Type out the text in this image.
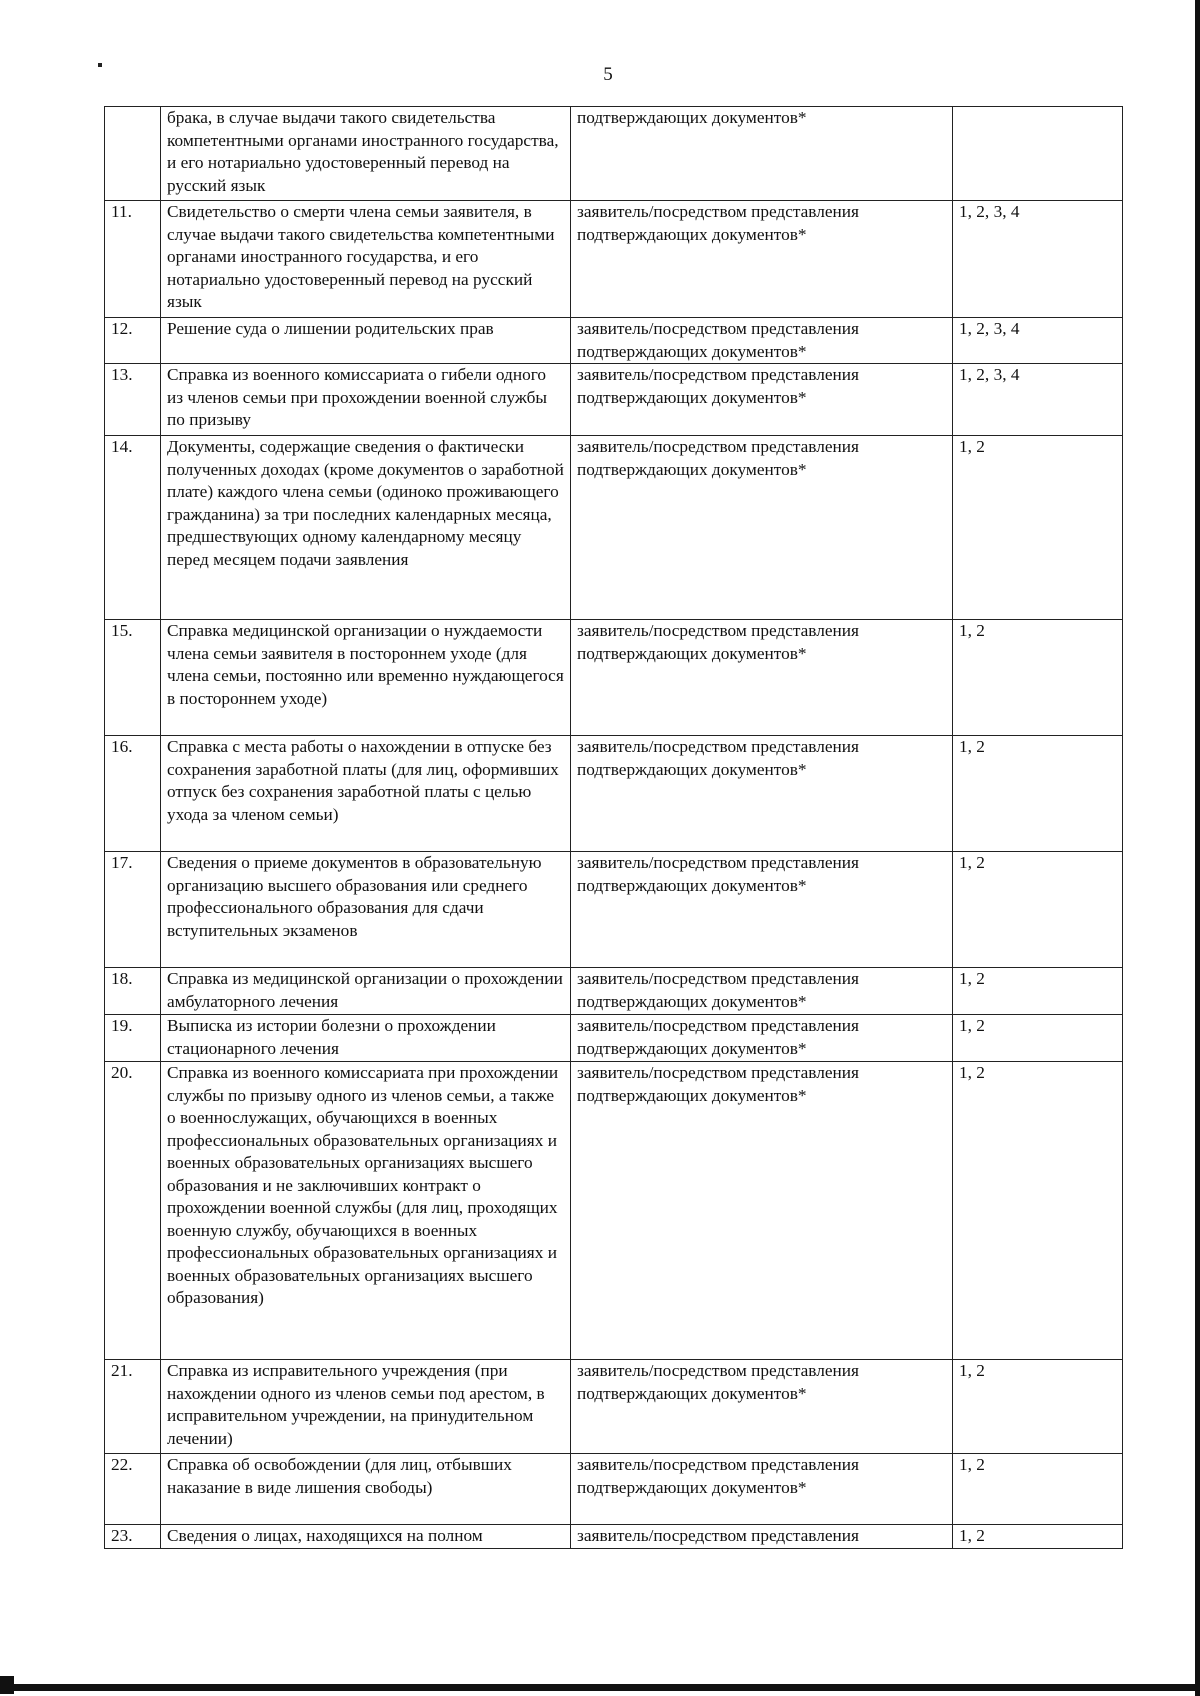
5
	брака, в случае выдачи такого свидетельства компетентными органами иностранного государства, и его нотариально удостоверенный перевод на русский язык	подтверждающих документов*	
11.	Свидетельство о смерти члена семьи заявителя, в случае выдачи такого свидетельства компетентными органами иностранного государства, и его нотариально удостоверенный перевод на русский язык	заявитель/посредством представления подтверждающих документов*	1, 2, 3, 4
12.	Решение суда о лишении родительских прав	заявитель/посредством представления подтверждающих документов*	1, 2, 3, 4
13.	Справка из военного комиссариата о гибели одного из членов семьи при прохождении военной службы по призыву	заявитель/посредством представления подтверждающих документов*	1, 2, 3, 4
14.	Документы, содержащие сведения о фактически полученных доходах (кроме документов о заработной плате) каждого члена семьи (одиноко проживающего гражданина) за три последних календарных месяца, предшествующих одному календарному месяцу перед месяцем подачи заявления	заявитель/посредством представления подтверждающих документов*	1, 2
15.	Справка медицинской организации о нуждаемости члена семьи заявителя в постороннем уходе (для члена семьи, постоянно или временно нуждающегося в постороннем уходе)	заявитель/посредством представления подтверждающих документов*	1, 2
16.	Справка с места работы о нахождении в отпуске без сохранения заработной платы (для лиц, оформивших отпуск без сохранения заработной платы с целью ухода за членом семьи)	заявитель/посредством представления подтверждающих документов*	1, 2
17.	Сведения о приеме документов в образовательную организацию высшего образования или среднего профессионального образования для сдачи вступительных экзаменов	заявитель/посредством представления подтверждающих документов*	1, 2
18.	Справка из медицинской организации о прохождении амбулаторного лечения	заявитель/посредством представления подтверждающих документов*	1, 2
19.	Выписка из истории болезни о прохождении стационарного лечения	заявитель/посредством представления подтверждающих документов*	1, 2
20.	Справка из военного комиссариата при прохождении службы по призыву одного из членов семьи, а также о военнослужащих, обучающихся в военных профессиональных образовательных организациях и военных образовательных организациях высшего образования и не заключивших контракт о прохождении военной службы (для лиц, проходящих военную службу, обучающихся в военных профессиональных образовательных организациях и военных образовательных организациях высшего образования)	заявитель/посредством представления подтверждающих документов*	1, 2
21.	Справка из исправительного учреждения (при нахождении одного из членов семьи под арестом, в исправительном учреждении, на принудительном лечении)	заявитель/посредством представления подтверждающих документов*	1, 2
22.	Справка об освобождении (для лиц, отбывших наказание в виде лишения свободы)	заявитель/посредством представления подтверждающих документов*	1, 2
23.	Сведения о лицах, находящихся на полном	заявитель/посредством представления	1, 2
